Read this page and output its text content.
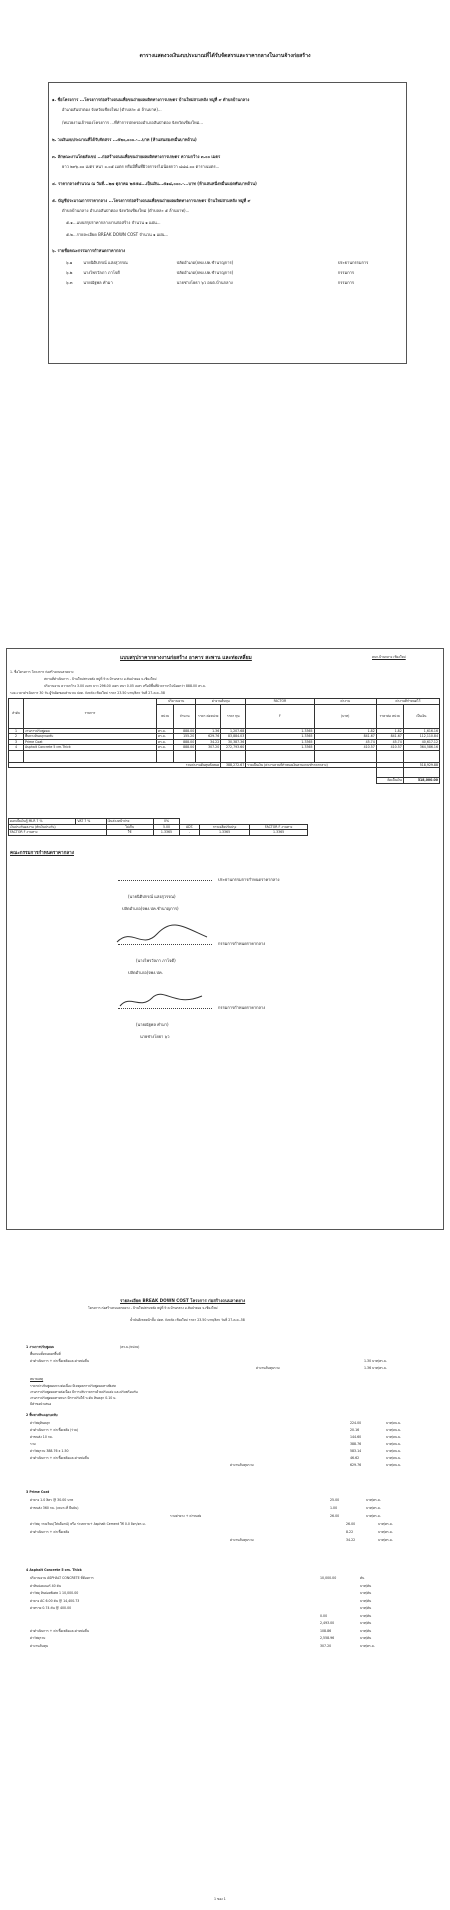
ตารางแสดงวงเงินงบประมาณที่ได้รับจัดสรรและราคากลางในงานจ้างก่อสร้าง
๑. ชื่อโครงการ ...โครงการก่อสร้างถนนเพื่อขนถ่ายผลผลิตทางการเกษตร บ้านใหม่สามหลัง หมู่ที่ ๙ ตำบลบ้านกลาง
อำเภอสันป่าตอง จังหวัดเชียงใหม่ (ตำบลละ ๕ ล้านบาท)...
/หน่วยงานเจ้าของโครงการ ...ที่ทำการปกครองอำเภอสันป่าตอง จังหวัดเชียงใหม่...
๒. วงเงินงบประมาณที่ได้รับจัดสรร ...๕๒๐,๐๐๐.-...บาท (ห้าแสนสองหมื่นบาทถ้วน)
๓. ลักษณะงานโดยสังเขป ...ก่อสร้างถนนเพื่อขนถ่ายผลผลิตทางการเกษตร ความกว้าง ๓.๐๐ เมตร
ยาว ๒๙๖.๐๐ เมตร หนา ๐.๐๕ เมตร หรือมีพื้นที่ผิวจราจรไม่น้อยกว่า ๘๘๘.๐๐ ตารางเมตร...
๔. ราคากลางคำนวณ ณ วันที่...๒๗ ตุลาคม ๒๕๕๘...เป็นเงิน...๕๑๘,๐๐๐.-...บาท (ห้าแสนหนึ่งหมื่นแปดพันบาทถ้วน)
๕. บัญชีประมาณการราคากลาง ...โครงการก่อสร้างถนนเพื่อขนถ่ายผลผลิตทางการเกษตร บ้านใหม่สามหลัง หมู่ที่ ๙
ตำบลบ้านกลาง อำเภอสันป่าตอง จังหวัดเชียงใหม่ (ตำบลละ ๕ ล้านบาท)...
๕.๑...แบบสรุปราคากลางงานก่อสร้าง จำนวน ๑ แผ่น...
๕.๒...รายละเอียด BREAK DOWN COST จำนวน ๑ แผ่น...
๖. รายชื่อคณะกรรมการกำหนดราคากลาง
๖.๑	นายนิติปกรณ์ แสงสุวรรณ	ปลัดอำเภอ(จพง.ปค.ชำนาญการ)	ประธานกรรมการ
๖.๒	นางไพรวัลภา ภาโจดี	ปลัดอำเภอ(จพง.ปค.ชำนาญการ)	กรรมการ
๖.๓	นายณัฐพล คำมา	นายช่างโยธา ๖ว อบต.บ้านกลาง	กรรมการ
แบบสรุปราคากลางงานก่อสร้าง อาคาร สะพาน และท่อเหลี่ยม	ตบก.บ้านกลาง เชียงใหม่
1. ชื่อโครงการ โครงการ ก่อสร้างถนนลาดยาง
สถานที่ดำเนินการ - บ้านใหม่สามหลัง หมู่ที่ 9 ต.บ้านกลาง อ.สันป่าตอง จ.เชียงใหม่
ปริมาณงาน ความกว้าง 3.00 เมตร ยาว 296.00 เมตร หนา 0.05 เมตร หรือมีพื้นที่ผิวจราจรไม่น้อยกว่า 888.00 ตร.ม.
ระยะเวลาดำเนินการ 30 วัน ผู้รับผิดชอบคำนวณ ปลต. จังหวัด เชียงใหม่ ราคา 23.50 บาท/ลิตร วันที่ 27-ต.ค.-58
ลำดับ	รายการ	ปริมาณงาน		ค่างานต้นทุน		FACTOR	ค่างาน	ค่างานที่กำหนดไว้	
		หน่วย	จำนวน	ราคา ต่อหน่วย	ราคา ทุน	F	(บาท)	ราคาต่อ หน่วย	เป็นเงิน

1	งานการปรับพูดผม	ตร.ม.	888.00	1.36	1,207.68	1.3365	1.82	1.82	1,616.16
2	พื้นทางหินคลุกบดทับ	ตร.ม.	155.20	629.76	83,884.03	1.3365	841.67	841.67	112,110.84
3	Prime Coat	ตร.ม.	888.00	34.22	30,387.36	1.3365	45.74	45.74	40,617.12
4	Asphalt Concrete 5 cm.Thick	ตร.ม.	888.00	307.20	272,793.60	1.3365	410.57	410.57	364,586.16

รวมค่างานต้นทุนทั้งหมด					388,272.67	รวมเป็นเงิน (ค่างานรวมที่กำหนดเงินตามเกณฑ์ราคากลาง)			518,929.88

								คิดเป็นเงิน	518,000.00
ดอกเบี้ยเงินกู้ MLR 7 %	VAT 7 %	เงินล่วงหน้าจ่าย	0%			
เงินประกันผลงาน (หักเงินประกัน)		ไม่เก็บ	5.00	ADT.	การเฉลี่ยปรับปรุง	FACTOR F งานทาง
FACTOR F งานทาง		ใช้	1.3365	-	1.3365	1.3365
คณะกรรมการกำหนดราคากลาง
ประธานกรรมการกำหนดราคากลาง
(นายนิติปกรณ์ แสงสุวรรณ)
ปลัดอำเภอ(จพง.ปค.ชำนาญการ)
กรรมการกำหนดราคากลาง
(นางไพรวัลภา ภาโจดี)
ปลัดอำเภอ(จพง.ปค.
กรรมการกำหนดราคากลาง
(นายณัฐพล คำมา)
นายช่างโยธา ๖ว
รายละเอียด BREAK DOWN COST โครงการ ก่อสร้างถนนลาดยาง
โครงการ ก่อสร้างถนนลาดยาง - บ้านใหม่สามหลัง หมู่ที่ 9 ต.บ้านกลาง อ.สันป่าตอง จ.เชียงใหม่
น้ำมันดีเซลหน้าปั๊ม ปตท. จังหวัด เชียงใหม่ ราคา 23.50 บาท/ลิตร วันที่ 27-ต.ค.-58
1 งานการปรับพูดผม	(ตร.ม./หน่วย)
พื้นถนนทั้งหมดยกพื้นที่
ค่าดำเนินการ + ค่าเชื้อเพลิงและค่าหล่อลื่น	1.30 บาท/ตร.ม.
ค่างานต้นทุนรวม	1.36 บาท/ตร.ม.
หมายเหตุ
ราคาค่าปรับพูดผมทางต่อเนื่อง มีเหตุผลการปรับพูดผมทางพิเศษ
งานการปรับพูดผมทางต่อเนื่อง มีการปรับรายการด้วยปรับแต่ง และปรับพร้อมกัน
งานการปรับพูดผมทางหนา มีการปรับให้ ระดับ หินคลุก 0.10 ม.
มีคำขอนำเสนอ
2 พื้นทางหินคลุกบดทับ
ค่าวัสดุหินคลุก	224.00	บาท/ลบ.ม.
ค่าดำเนินการ + ค่าเชื้อเพลิง (ร่วม)	20.16	บาท/ลบ.ม.
ค่าขนส่ง 10 กม.	144.60	บาท/ลบ.ม.
รวม	388.76	บาท/ลบ.ม.
ค่าวัสดุรวม 388.76 x 1.50	583.14	บาท/ลบ.ม.
ค่าดำเนินการ + ค่าเชื้อเพลิงและค่าหล่อลื่น	46.62	บาท/ลบ.ม.
ค่างานต้นทุนรวม	629.76	บาท/ลบ.ม.
3 Prime Coat
ค่ายาง 1.0 ลิตร @ 30.00 บาท	25.00	บาท/ตร.ม.
ค่าขนส่ง 360 กม. (เหมาะที่ ยืนยัน)	1.00	บาท/ตร.ม.
รวมค่ายาง + ค่าขนส่ง	26.00	บาท/ตร.ม.
ค่าวัสดุ วาดเรียบ(ใส่บล็อกน์) หรือ ร่วมทราย+ Asphalt Cement ใช้ 0.0 ลิตร/ตร.ม.	26.00	บาท/ตร.ม.
ค่าดำเนินการ + ค่าเชื้อเพลิง	8.22	บาท/ตร.ม.
ค่างานต้นทุนรวม	34.22	บาท/ตร.ม.
4 Asphalt Concrete 5 cm. Thick
ปริมาณงาน ASPHALT CONCRETE ที่ต้องการ	10,000.00	ตัน
ค่าหินย่อยเบอร์ 40 ตัน	บาท/ตัน
ค่าวัสดุ หินย่อยพิเศษ 1 10,000.00	บาท/ตัน
ค่ายาง AC 6.00 ตัน @ 14,400.73	บาท/ตัน
ค่าทราย 0.74 ตัน @ 400.00	บาท/ตัน
0.00	บาท/ตัน
2,493.00	บาท/ตัน
ค่าดำเนินการ + ค่าเชื้อเพลิงและค่าหล่อลื่น	108.86	บาท/ตัน
ค่าวัสดุรวม	2,558.96	บาท/ตัน
ค่างานต้นทุน	307.20	บาท/ตร.ม.
1 ของ 1
